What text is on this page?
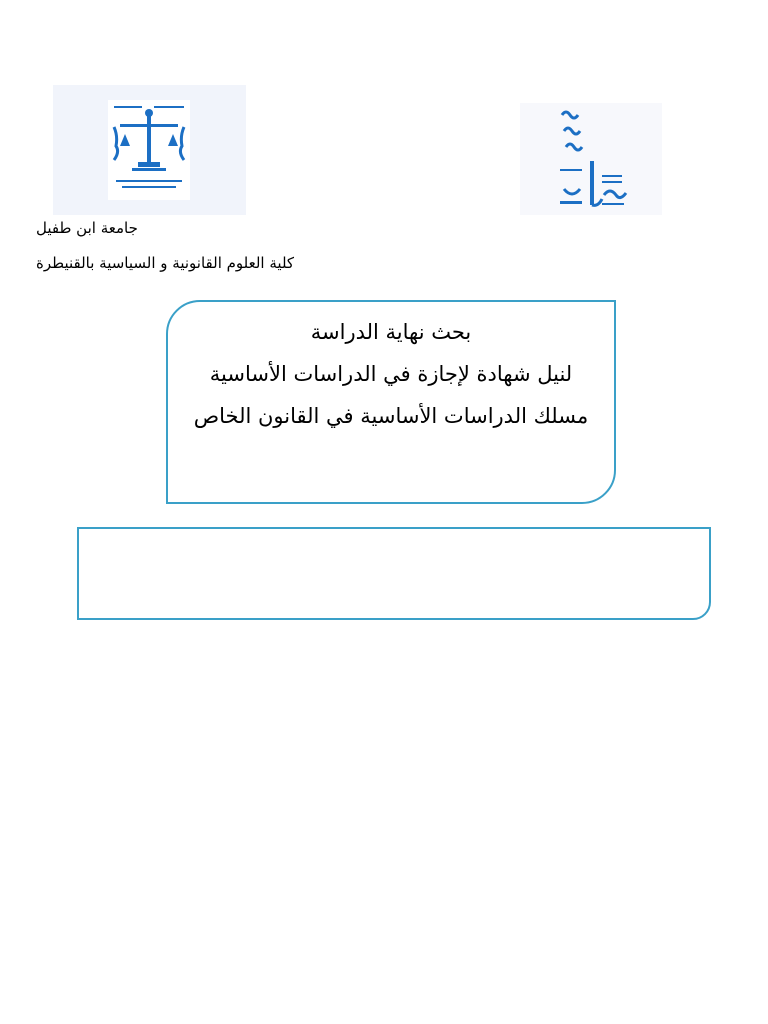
جامعة ابن طفيل
كلية العلوم القانونية و السياسية بالقنيطرة

بحث نهاية الدراسة

لنيل شهادة لإجازة في الدراسات الأساسية

مسلك الدراسات الأساسية في القانون الخاص
